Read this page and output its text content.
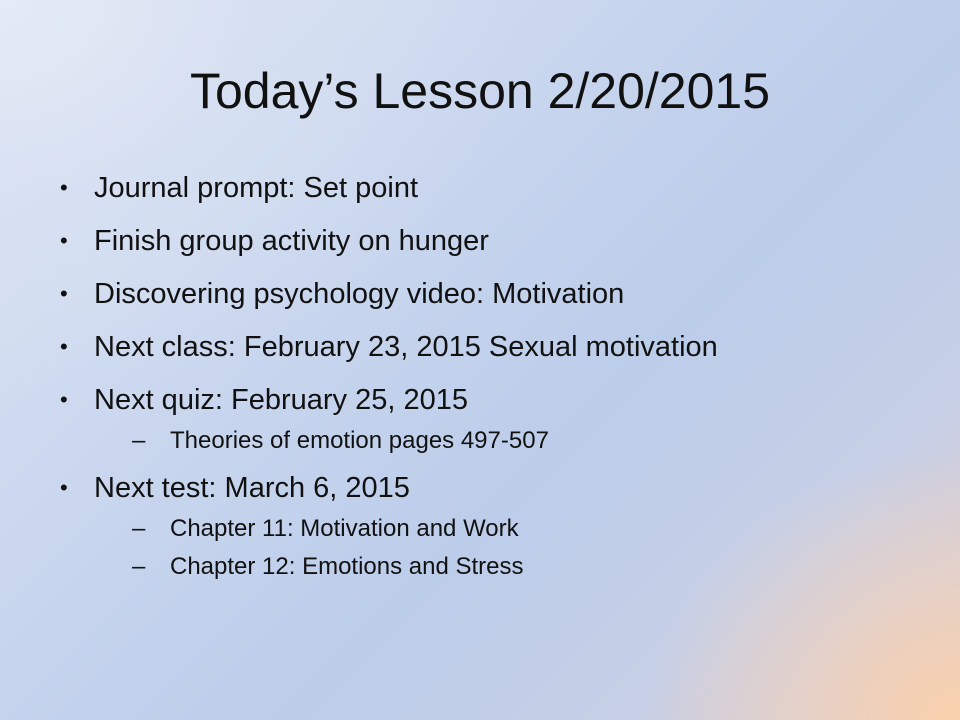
Today’s Lesson 2/20/2015
• Journal prompt: Set point
• Finish group activity on hunger
• Discovering psychology video: Motivation
• Next class: February 23, 2015 Sexual motivation
• Next quiz: February 25, 2015
– Theories of emotion pages 497-507
• Next test: March 6, 2015
– Chapter 11: Motivation and Work
– Chapter 12: Emotions and Stress
